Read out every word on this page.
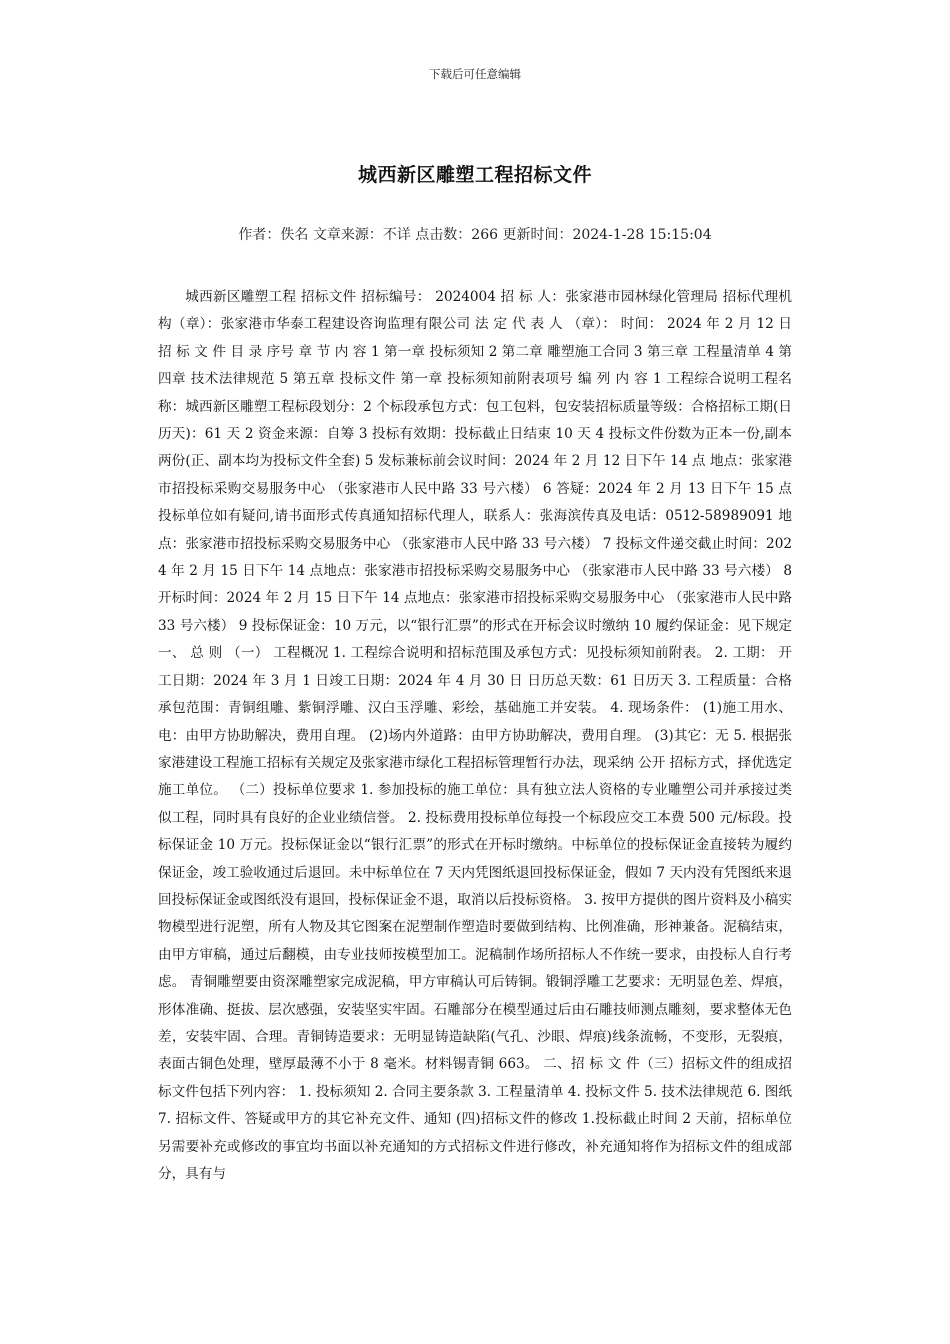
下载后可任意编辑
城西新区雕塑工程招标文件
作者：佚名 文章来源：不详 点击数：266 更新时间：2024-1-28 15:15:04

城西新区雕塑工程 招标文件 招标编号： 2024004 招 标 人：张家港市园林绿化管理局 招标代理机构（章）：张家港市华泰工程建设咨询监理有限公司 法 定 代 表 人 （章）： 时间： 2024 年 2 月 12 日 招 标 文 件 目 录 序号 章 节 内 容 1 第一章 投标须知 2 第二章 雕塑施工合同 3 第三章 工程量清单 4 第四章 技术法律规范 5 第五章 投标文件 第一章 投标须知前附表项号 编 列 内 容 1 工程综合说明工程名称：城西新区雕塑工程标段划分：2 个标段承包方式：包工包料，包安装招标质量等级：合格招标工期(日历天)：61 天 2 资金来源：自筹 3 投标有效期：投标截止日结束 10 天 4 投标文件份数为正本一份,副本两份(正、副本均为投标文件全套) 5 发标兼标前会议时间：2024 年 2 月 12 日下午 14 点 地点：张家港市招投标采购交易服务中心 （张家港市人民中路 33 号六楼） 6 答疑：2024 年 2 月 13 日下午 15 点 投标单位如有疑问,请书面形式传真通知招标代理人，联系人：张海滨传真及电话：0512-58989091 地点：张家港市招投标采购交易服务中心 （张家港市人民中路 33 号六楼） 7 投标文件递交截止时间：2024 年 2 月 15 日下午 14 点地点：张家港市招投标采购交易服务中心 （张家港市人民中路 33 号六楼） 8 开标时间：2024 年 2 月 15 日下午 14 点地点：张家港市招投标采购交易服务中心 （张家港市人民中路 33 号六楼） 9 投标保证金：10 万元，以“银行汇票”的形式在开标会议时缴纳 10 履约保证金：见下规定 一、 总 则 （一） 工程概况 1. 工程综合说明和招标范围及承包方式：见投标须知前附表。 2. 工期： 开工日期：2024 年 3 月 1 日竣工日期：2024 年 4 月 30 日 日历总天数：61 日历天 3. 工程质量：合格 承包范围：青铜组雕、紫铜浮雕、汉白玉浮雕、彩绘，基础施工并安装。 4. 现场条件： (1)施工用水、电：由甲方协助解决，费用自理。 (2)场内外道路：由甲方协助解决，费用自理。 (3)其它：无 5. 根据张家港建设工程施工招标有关规定及张家港市绿化工程招标管理暂行办法，现采纳 公开 招标方式，择优选定施工单位。 （二）投标单位要求 1. 参加投标的施工单位：具有独立法人资格的专业雕塑公司并承接过类似工程，同时具有良好的企业业绩信誉。 2. 投标费用投标单位每投一个标段应交工本费 500 元/标段。投标保证金 10 万元。投标保证金以“银行汇票”的形式在开标时缴纳。中标单位的投标保证金直接转为履约保证金，竣工验收通过后退回。未中标单位在 7 天内凭图纸退回投标保证金，假如 7 天内没有凭图纸来退回投标保证金或图纸没有退回，投标保证金不退，取消以后投标资格。 3. 按甲方提供的图片资料及小稿实物模型进行泥塑，所有人物及其它图案在泥塑制作塑造时要做到结构、比例准确，形神兼备。泥稿结束，由甲方审稿，通过后翻模，由专业技师按模型加工。泥稿制作场所招标人不作统一要求，由投标人自行考虑。 青铜雕塑要由资深雕塑家完成泥稿，甲方审稿认可后铸铜。锻铜浮雕工艺要求：无明显色差、焊痕，形体准确、挺拔、层次感强，安装坚实牢固。石雕部分在模型通过后由石雕技师测点雕刻，要求整体无色差，安装牢固、合理。青铜铸造要求：无明显铸造缺陷(气孔、沙眼、焊痕)线条流畅，不变形，无裂痕，表面古铜色处理，壁厚最薄不小于 8 毫米。材料锡青铜 663。 二、招 标 文 件（三）招标文件的组成招标文件包括下列内容： 1. 投标须知 2. 合同主要条款 3. 工程量清单 4. 投标文件 5. 技术法律规范 6. 图纸 7. 招标文件、答疑或甲方的其它补充文件、通知 (四)招标文件的修改 1.投标截止时间 2 天前，招标单位另需要补充或修改的事宜均书面以补充通知的方式招标文件进行修改，补充通知将作为招标文件的组成部分，具有与
